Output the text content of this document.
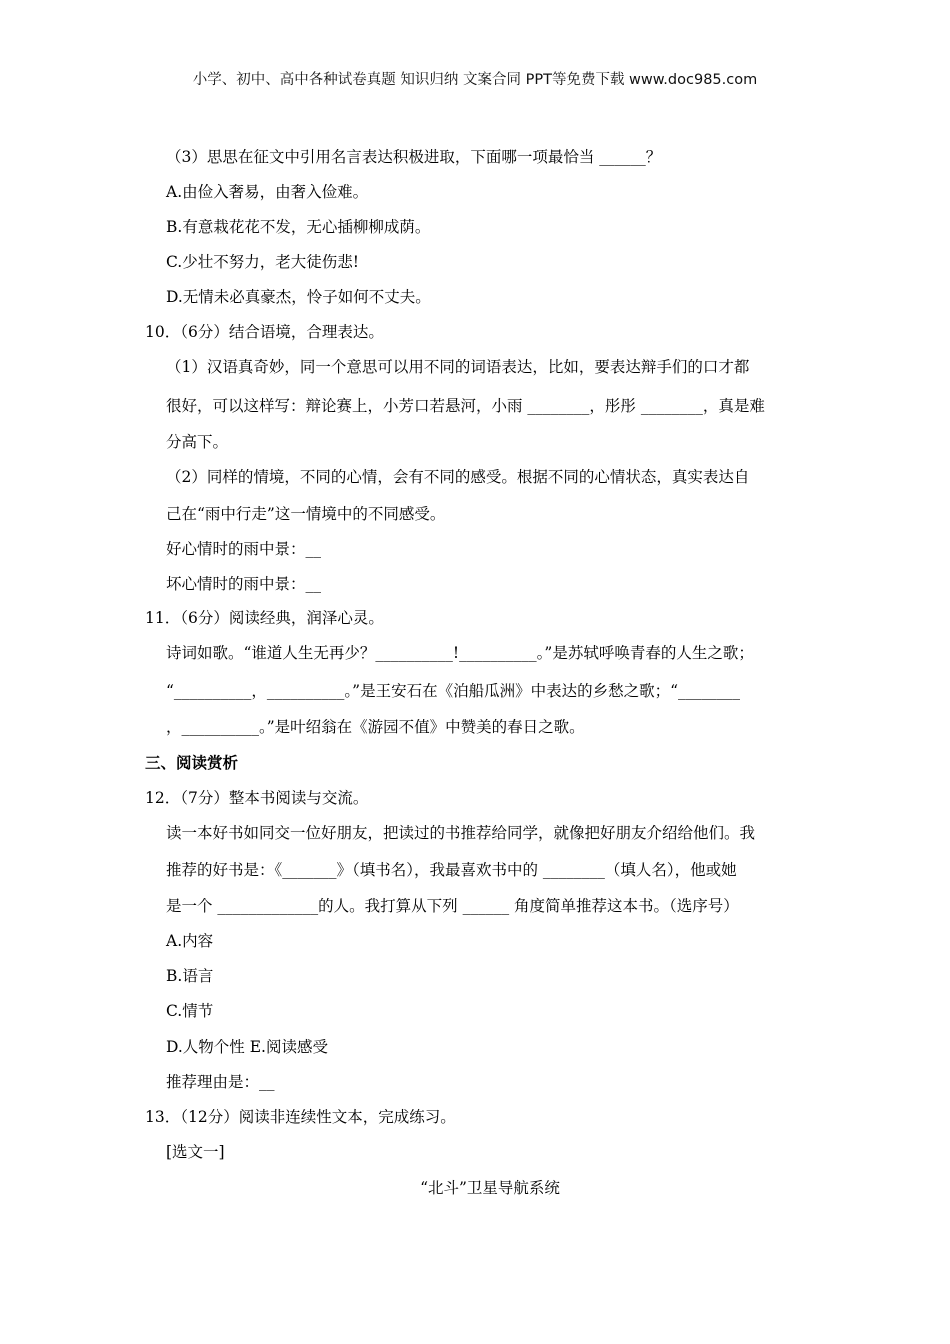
小学、初中、高中各种试卷真题 知识归纳 文案合同 PPT等免费下载 www.doc985.com
（3）思思在征文中引用名言表达积极进取，下面哪一项最恰当 ______？
A.由俭入奢易，由奢入俭难。
B.有意栽花花不发，无心插柳柳成荫。
C.少壮不努力，老大徒伤悲!
D.无情未必真豪杰，怜子如何不丈夫。
10．（6分）结合语境，合理表达。
（1）汉语真奇妙，同一个意思可以用不同的词语表达，比如，要表达辩手们的口才都
很好，可以这样写：辩论赛上，小芳口若悬河，小雨 ________，彤彤 ________，真是难
分高下。
（2）同样的情境，不同的心情，会有不同的感受。根据不同的心情状态，真实表达自
己在“雨中行走”这一情境中的不同感受。
好心情时的雨中景：__
坏心情时的雨中景：__
11．（6分）阅读经典，润泽心灵。
诗词如歌。“谁道人生无再少？__________!__________。”是苏轼呼唤青春的人生之歌；
“__________，__________。”是王安石在《泊船瓜洲》中表达的乡愁之歌；“________
，__________。”是叶绍翁在《游园不值》中赞美的春日之歌。
三、阅读赏析
12．（7分）整本书阅读与交流。
读一本好书如同交一位好朋友，把读过的书推荐给同学，就像把好朋友介绍给他们。我
推荐的好书是：《_______》（填书名），我最喜欢书中的 ________（填人名），他或她
是一个 _____________的人。我打算从下列 ______ 角度简单推荐这本书。（选序号）
A.内容
B.语言
C.情节
D.人物个性 E.阅读感受
推荐理由是：__
13．（12分）阅读非连续性文本，完成练习。
[选文一]
“北斗”卫星导航系统
